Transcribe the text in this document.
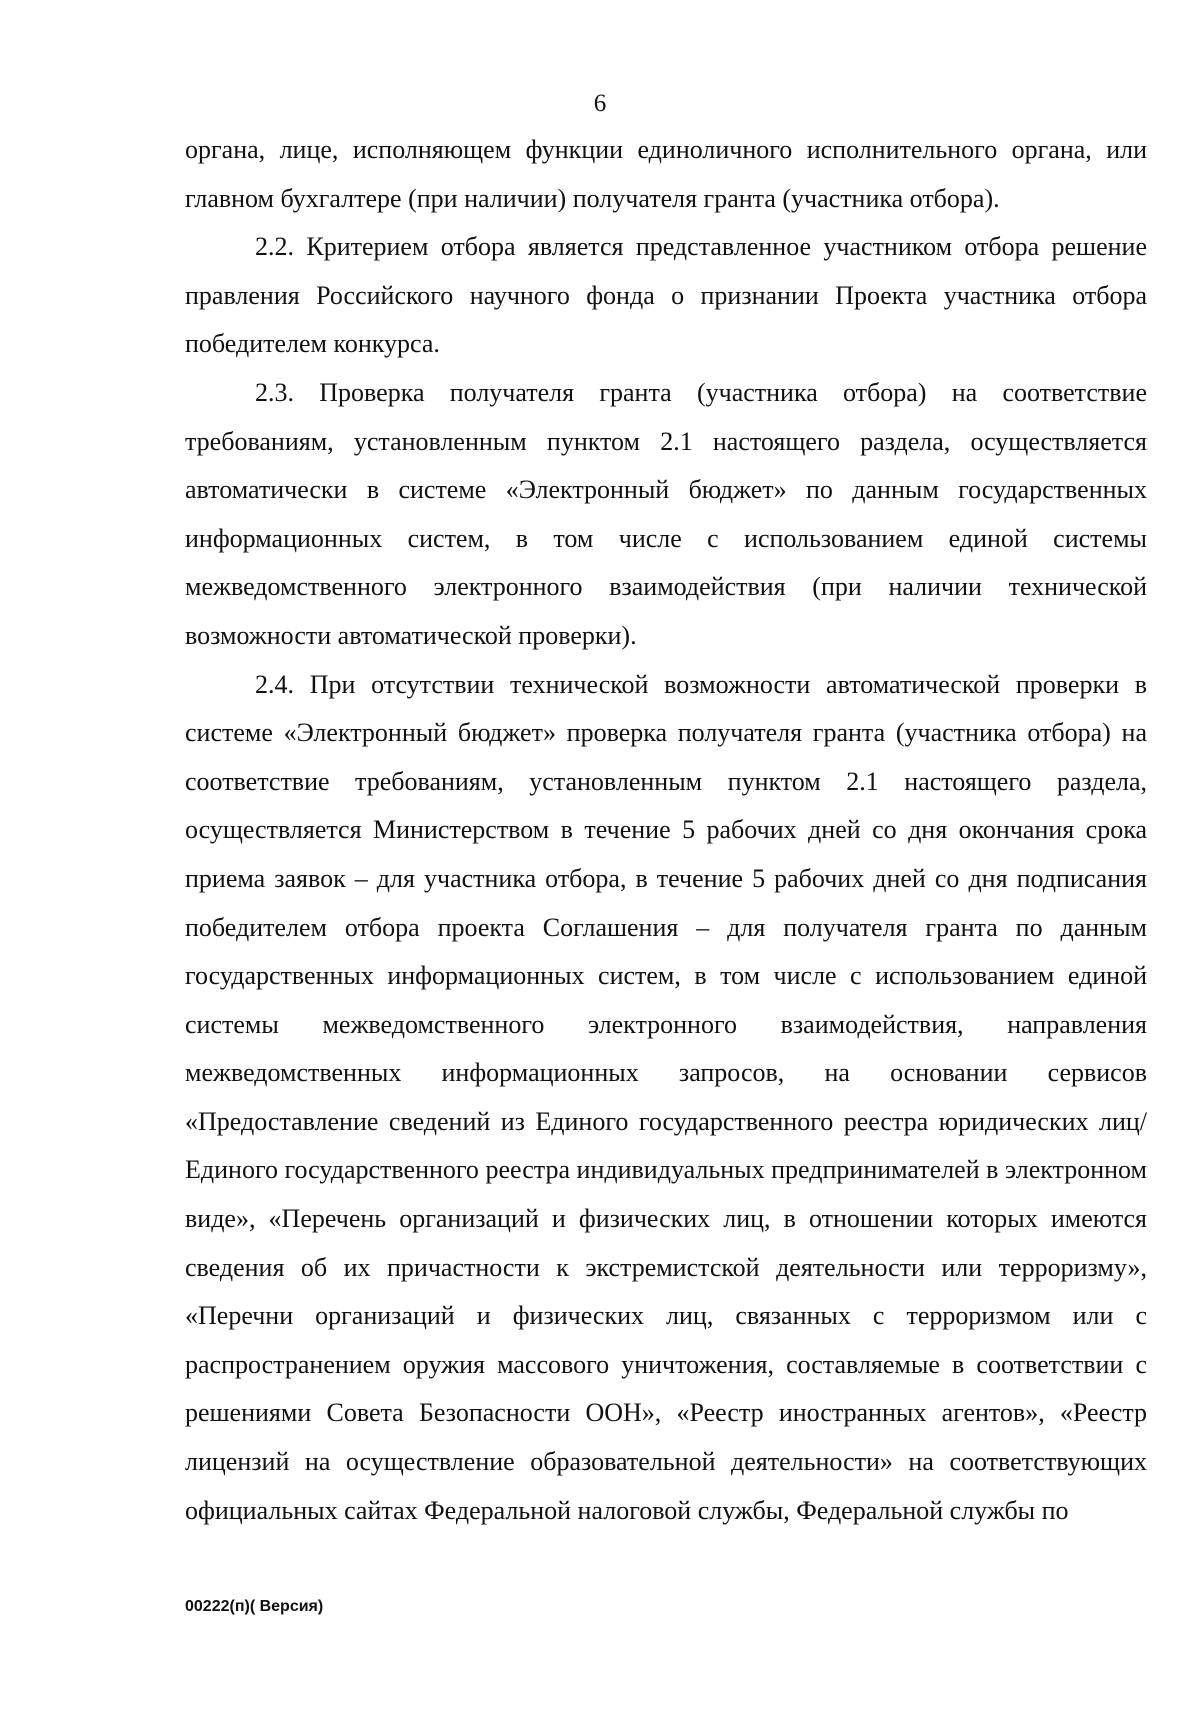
6

органа, лице, исполняющем функции единоличного исполнительного органа, или главном бухгалтере (при наличии) получателя гранта (участника отбора).

2.2. Критерием отбора является представленное участником отбора решение правления Российского научного фонда о признании Проекта участника отбора победителем конкурса.

2.3. Проверка получателя гранта (участника отбора) на соответствие требованиям, установленным пунктом 2.1 настоящего раздела, осуществляется автоматически в системе «Электронный бюджет» по данным государственных информационных систем, в том числе с использованием единой системы межведомственного электронного взаимодействия (при наличии технической возможности автоматической проверки).

2.4. При отсутствии технической возможности автоматической проверки в системе «Электронный бюджет» проверка получателя гранта (участника отбора) на соответствие требованиям, установленным пунктом 2.1 настоящего раздела, осуществляется Министерством в течение 5 рабочих дней со дня окончания срока приема заявок – для участника отбора, в течение 5 рабочих дней со дня подписания победителем отбора проекта Соглашения – для получателя гранта по данным государственных информационных систем, в том числе с использованием единой системы межведомственного электронного взаимодействия, направления межведомственных информационных запросов, на основании сервисов «Предоставление сведений из Единого государственного реестра юридических лиц/ Единого государственного реестра индивидуальных предпринимателей в электронном виде», «Перечень организаций и физических лиц, в отношении которых имеются сведения об их причастности к экстремистской деятельности или терроризму», «Перечни организаций и физических лиц, связанных с терроризмом или с распространением оружия массового уничтожения, составляемые в соответствии с решениями Совета Безопасности ООН», «Реестр иностранных агентов», «Реестр лицензий на осуществление образовательной деятельности» на соответствующих официальных сайтах Федеральной налоговой службы, Федеральной службы по

00222(п)( Версия)
